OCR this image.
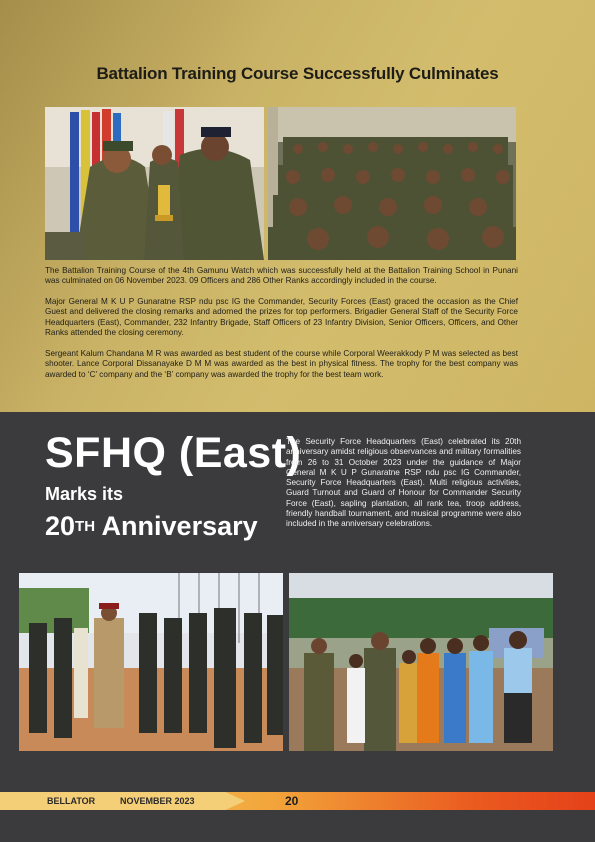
Battalion Training Course Successfully Culminates

The Battalion Training Course of the 4th Gamunu Watch which was successfully held at the Battalion Training School in Punani was culminated on 06 November 2023. 09 Officers and 286 Other Ranks accordingly included in the course.

Major General M K U P Gunaratne RSP ndu psc IG the Commander, Security Forces (East) graced the occasion as the Chief Guest and delivered the closing remarks and adorned the prizes for top performers. Brigadier General Staff of the Security Force Headquarters (East), Commander, 232 Infantry Brigade, Staff Officers of 23 Infantry Division, Senior Officers, Officers, and Other Ranks attended the closing ceremony.

Sergeant Kalum Chandana M R was awarded as best student of the course while Corporal Weerakkody P M was selected as best shooter. Lance Corporal Dissanayake D M M was awarded as the best in physical fitness. The trophy for the best company was awarded to ‘C’ company and the ‘B’ company was awarded the trophy for the best team work.

SFHQ (East)
Marks its
20TH Anniversary

The Security Force Headquarters (East) celebrated its 20th anniversary amidst religious observances and military formalities from 26 to 31 October 2023 under the guidance of Major General M K U P Gunaratne RSP ndu psc IG Commander, Security Force Headquarters (East). Multi religious activities, Guard Turnout and Guard of Honour for Commander Security Force (East), sapling plantation, all rank tea, troop address, friendly handball tournament, and musical programme were also included in the anniversary celebrations.

BELLATOR	NOVEMBER 2023	20
